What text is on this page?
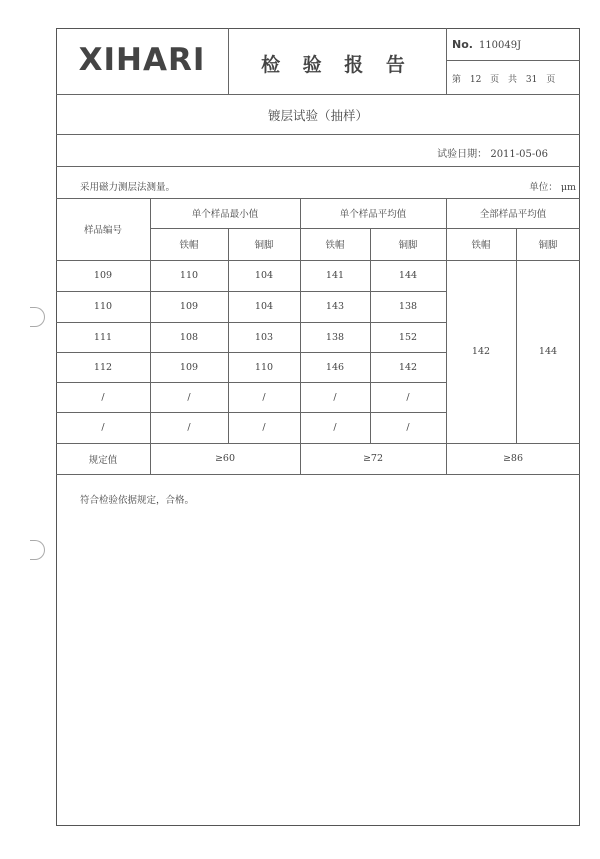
XIHARI	检 验 报 告
No. 110049J
第 12 页 共 31 页
镀层试验（抽样）
试验日期： 2011-05-06
采用磁力测层法测量。	单位： μm
样品编号
单个样品最小值	单个样品平均值	全部样品平均值
铁帽	铜脚	铁帽	铜脚	铁帽	铜脚
109	110	104	141	144
110	109	104	143	138
111	108	103	138	152
112	109	110	146	142
/	/	/	/	/
/	/	/	/	/
142	144
规定值	≥60	≥72	≥86
符合检验依据规定，合格。
